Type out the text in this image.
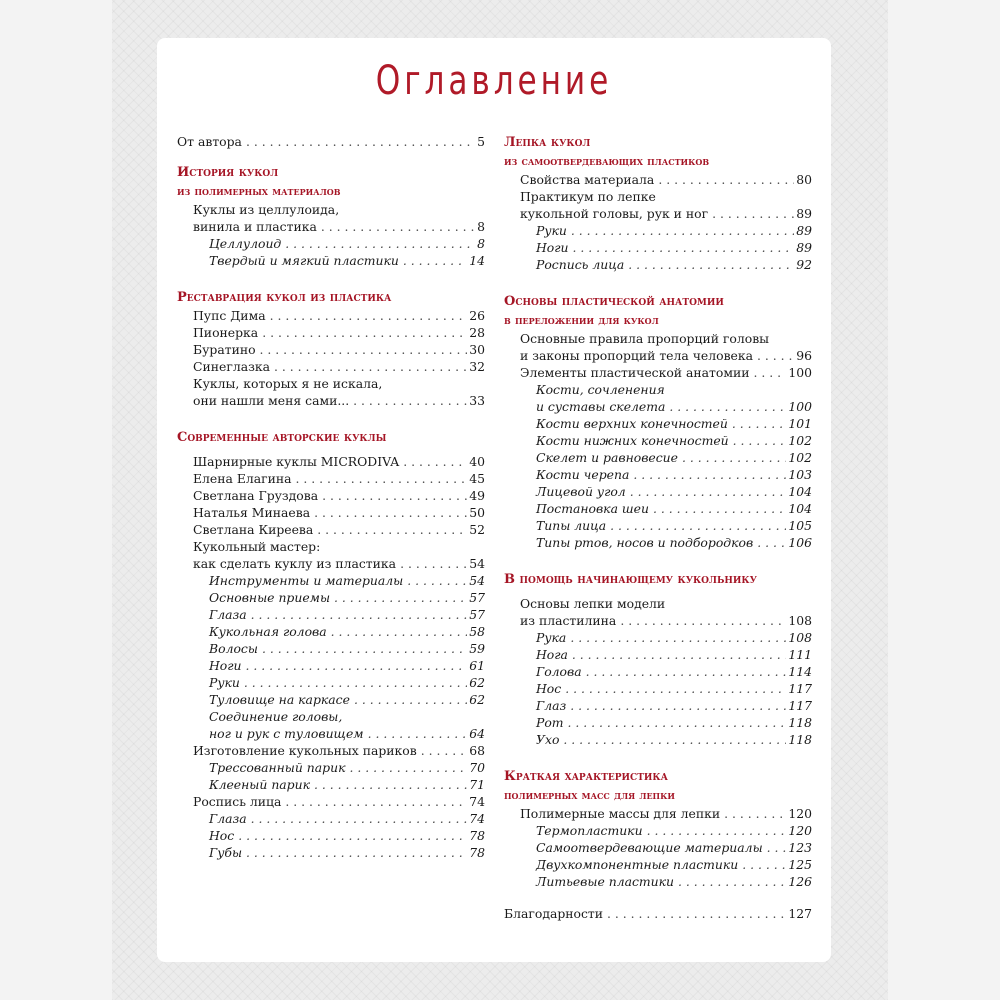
Оглавление
От автора . . .	5
История кукол
из полимерных материалов
Куклы из целлулоида,
винила и пластика . . .	8
Целлулоид . . .	8
Твердый и мягкий пластики . . .	14
Реставрация кукол из пластика
Пупс Дима . . .	26
Пионерка . . .	28
Буратино . . .	30
Синеглазка . . .	32
Куклы, которых я не искала,
они нашли меня сами... . . .	33
Современные авторские куклы
Шарнирные куклы MICRODIVA . . .	40
Елена Елагина . . .	45
Светлана Груздова . . .	49
Наталья Минаева . . .	50
Светлана Киреева . . .	52
Кукольный мастер:
как сделать куклу из пластика . . .	54
Инструменты и материалы . . .	54
Основные приемы . . .	57
Глаза . . .	57
Кукольная голова . . .	58
Волосы . . .	59
Ноги . . .	61
Руки . . .	62
Туловище на каркасе . . .	62
Соединение головы,
ног и рук с туловищем . . .	64
Изготовление кукольных париков . . .	68
Трессованный парик . . .	70
Клееный парик . . .	71
Роспись лица . . .	74
Глаза . . .	74
Нос . . .	78
Губы . . .	78
Лепка кукол
из самоотвердевающих пластиков
Свойства материала . . .	80
Практикум по лепке
кукольной головы, рук и ног . . .	89
Руки . . .	89
Ноги . . .	89
Роспись лица . . .	92
Основы пластической анатомии
в переложении для кукол
Основные правила пропорций головы
и законы пропорций тела человека . . .	96
Элементы пластической анатомии . . .	100
Кости, сочленения
и суставы скелета . . .	100
Кости верхних конечностей . . .	101
Кости нижних конечностей . . .	102
Скелет и равновесие . . .	102
Кости черепа . . .	103
Лицевой угол . . .	104
Постановка шеи . . .	104
Типы лица . . .	105
Типы ртов, носов и подбородков . . .	106
В помощь начинающему кукольнику
Основы лепки модели
из пластилина . . .	108
Рука . . .	108
Нога . . .	111
Голова . . .	114
Нос . . .	117
Глаз . . .	117
Рот . . .	118
Ухо . . .	118
Краткая характеристика
полимерных масс для лепки
Полимерные массы для лепки . . .	120
Термопластики . . .	120
Самоотвердевающие материалы . . . 123
Двухкомпонентные пластики . . .	125
Литьевые пластики . . .	126
Благодарности . . .	127
